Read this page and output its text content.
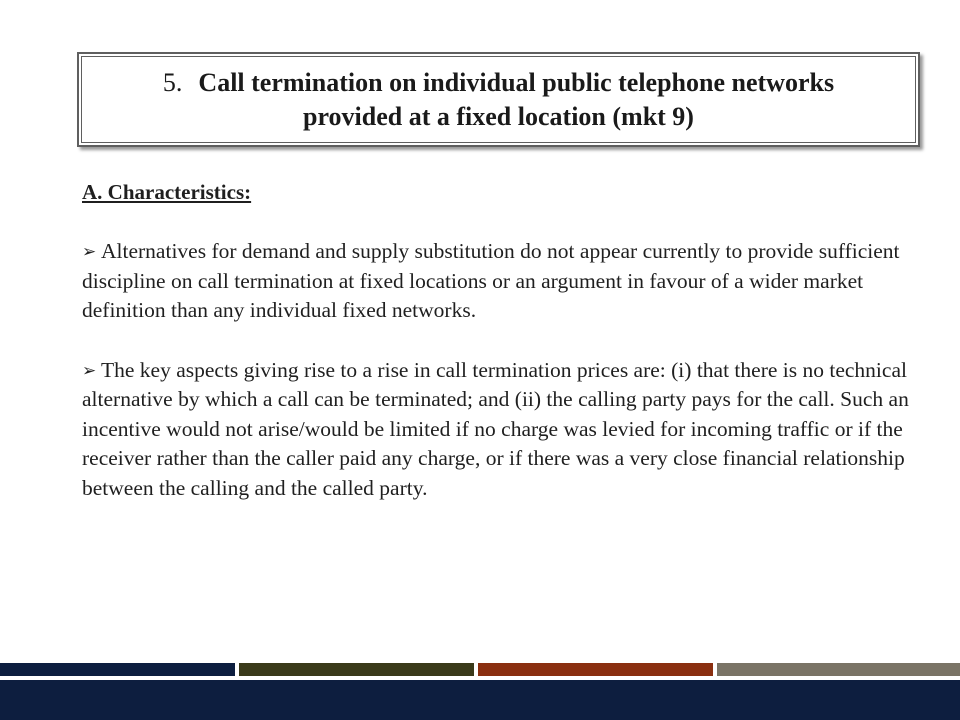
5. Call termination on individual public telephone networks
provided at a fixed location (mkt 9)

A. Characteristics:

➢ Alternatives for demand and supply substitution do not appear currently to provide sufficient discipline on call termination at fixed locations or an argument in favour of a wider market definition than any individual fixed networks.

➢ The key aspects giving rise to a rise in call termination prices are: (i) that there is no technical alternative by which a call can be terminated; and (ii) the calling party pays for the call. Such an incentive would not arise/would be limited if no charge was levied for incoming traffic or if the receiver rather than the caller paid any charge, or if there was a very close financial relationship between the calling and the called party.
